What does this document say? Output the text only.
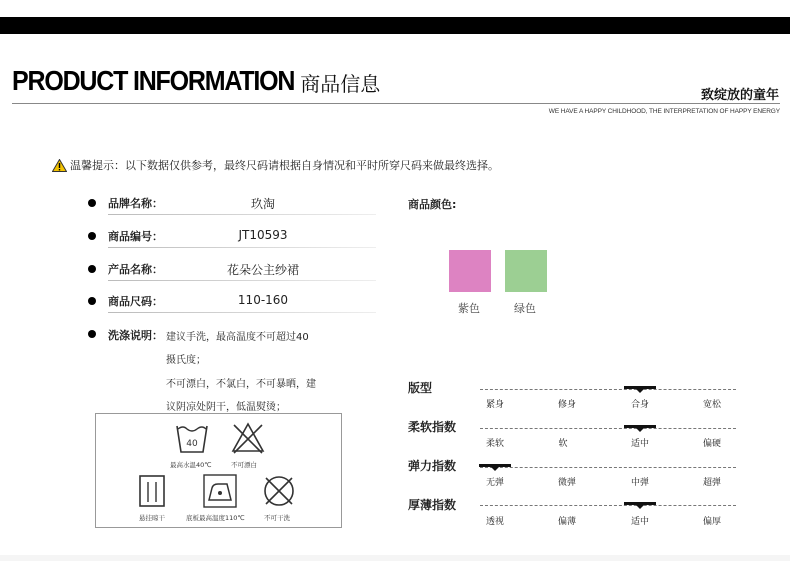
PRODUCT INFORMATION 商品信息	致绽放的童年
WE HAVE A HAPPY CHILDHOOD, THE INTERPRETATION OF HAPPY ENERGY
温馨提示：以下数据仅供参考，最终尺码请根据自身情况和平时所穿尺码来做最终选择。
品牌名称：	玖淘
商品编号：	JT10593
产品名称：	花朵公主纱裙
商品尺码：	110-160
洗涤说明： 建议手洗，最高温度不可超过40
摄氏度；
不可漂白，不氯白，不可暴晒，建
议阴凉处阴干，低温熨烫；
40
最高水温40℃	不可漂白
悬挂晾干	底板最高温度110℃	不可干洗
商品颜色:
紫色	绿色
版型
紧身	修身	合身	宽松
柔软指数
柔软	软	适中	偏硬
弹力指数
无弹	微弹	中弹	超弹
厚薄指数
透视	偏薄	适中	偏厚
